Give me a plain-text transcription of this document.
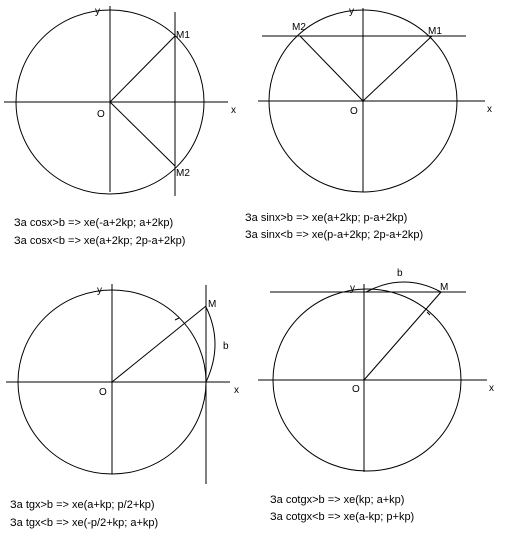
y
x
O
M1
M2
За cosx>b => xe(-a+2kp; a+2kp)
За cosx<b => xe(a+2kp; 2p-a+2kp)
y
x
O
M1
M2
За sinx>b => xe(a+2kp; p-a+2kp)
За sinx<b => xe(p-a+2kp; 2p-a+2kp)
y
x
O
M
b
За tgx>b => xe(a+kp; p/2+kp)
За tgx<b => xe(-p/2+kp; a+kp)
y
x
O
M
b
За cotgx>b => xe(kp; a+kp)
За cotgx<b => xe(a-kp; p+kp)
